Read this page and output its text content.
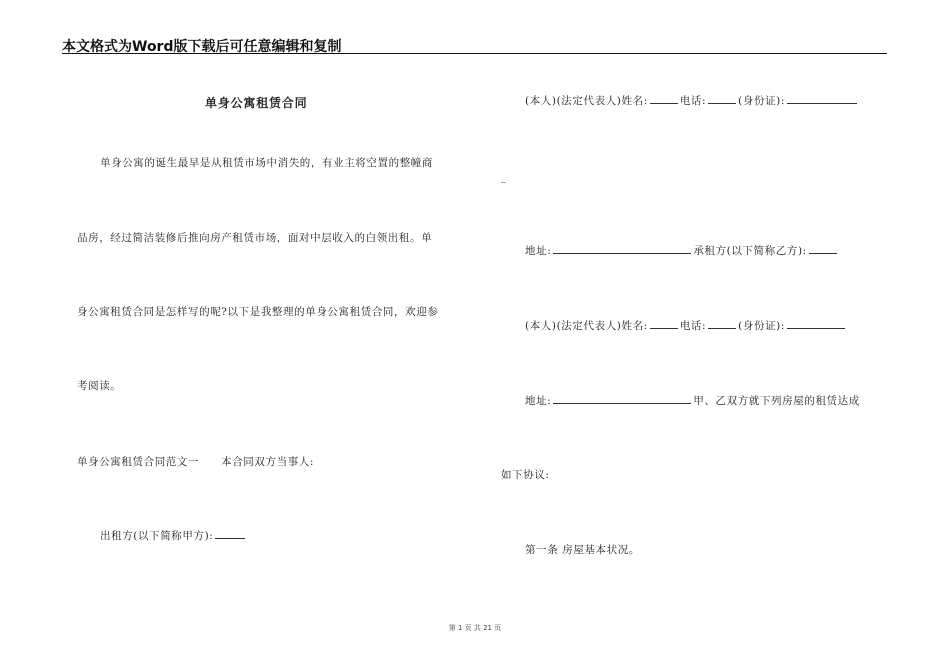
本文格式为Word版下载后可任意编辑和复制
单身公寓租赁合同
单身公寓的诞生最早是从租赁市场中消失的，有业主将空置的整幢商
品房，经过简洁装修后推向房产租赁市场，面对中层收入的白领出租。单
身公寓租赁合同是怎样写的呢?以下是我整理的单身公寓租赁合同，欢迎参
考阅读。
单身公寓租赁合同范文一 本合同双方当事人:
出租方(以下简称甲方):
(本人)(法定代表人)姓名:	电话:	(身份证):
_
地址:	承租方(以下简称乙方):
(本人)(法定代表人)姓名:	电话:	(身份证):
地址:	甲、乙双方就下列房屋的租赁达成
如下协议:
第一条 房屋基本状况。
第 1 页 共 21 页
